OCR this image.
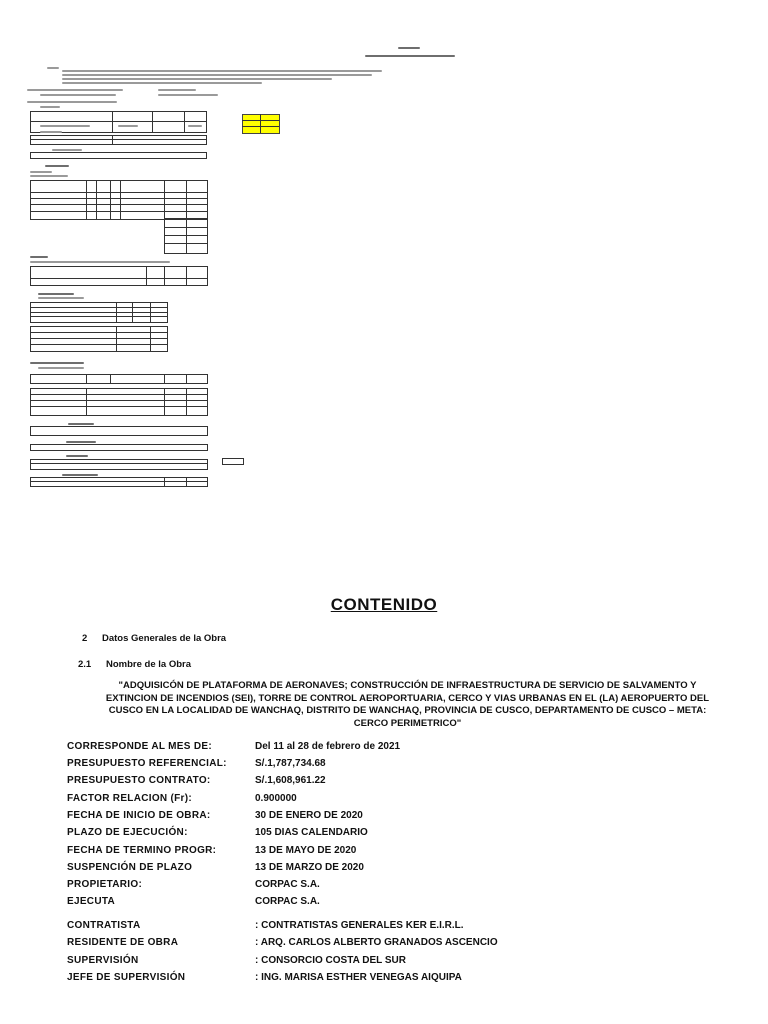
CONTENIDO
2 Datos Generales de la Obra
2.1 Nombre de la Obra
"ADQUISICÓN DE PLATAFORMA DE AERONAVES; CONSTRUCCIÓN DE INFRAESTRUCTURA DE SERVICIO DE SALVAMENTO Y EXTINCION DE INCENDIOS (SEI), TORRE DE CONTROL AEROPORTUARIA, CERCO Y VIAS URBANAS EN EL (LA) AEROPUERTO DEL CUSCO EN LA LOCALIDAD DE WANCHAQ, DISTRITO DE WANCHAQ, PROVINCIA DE CUSCO, DEPARTAMENTO DE CUSCO – META: CERCO PERIMETRICO"
CORRESPONDE AL MES DE:	Del 11 al 28 de febrero de 2021
PRESUPUESTO REFERENCIAL:	S/.1,787,734.68
PRESUPUESTO CONTRATO:	S/.1,608,961.22
FACTOR RELACION (Fr):	0.900000
FECHA DE INICIO DE OBRA:	30 DE ENERO DE 2020
PLAZO DE EJECUCIÓN:	105 DIAS CALENDARIO
FECHA DE TERMINO PROGR:	13 DE MAYO DE 2020
SUSPENCIÓN DE PLAZO	13 DE MARZO DE 2020
PROPIETARIO:	CORPAC S.A.
EJECUTA	CORPAC S.A.
CONTRATISTA	: CONTRATISTAS GENERALES KER E.I.R.L.
RESIDENTE DE OBRA	: ARQ. CARLOS ALBERTO GRANADOS ASCENCIO
SUPERVISIÓN	: CONSORCIO COSTA DEL SUR
JEFE DE SUPERVISIÓN	: ING. MARISA ESTHER VENEGAS AIQUIPA
